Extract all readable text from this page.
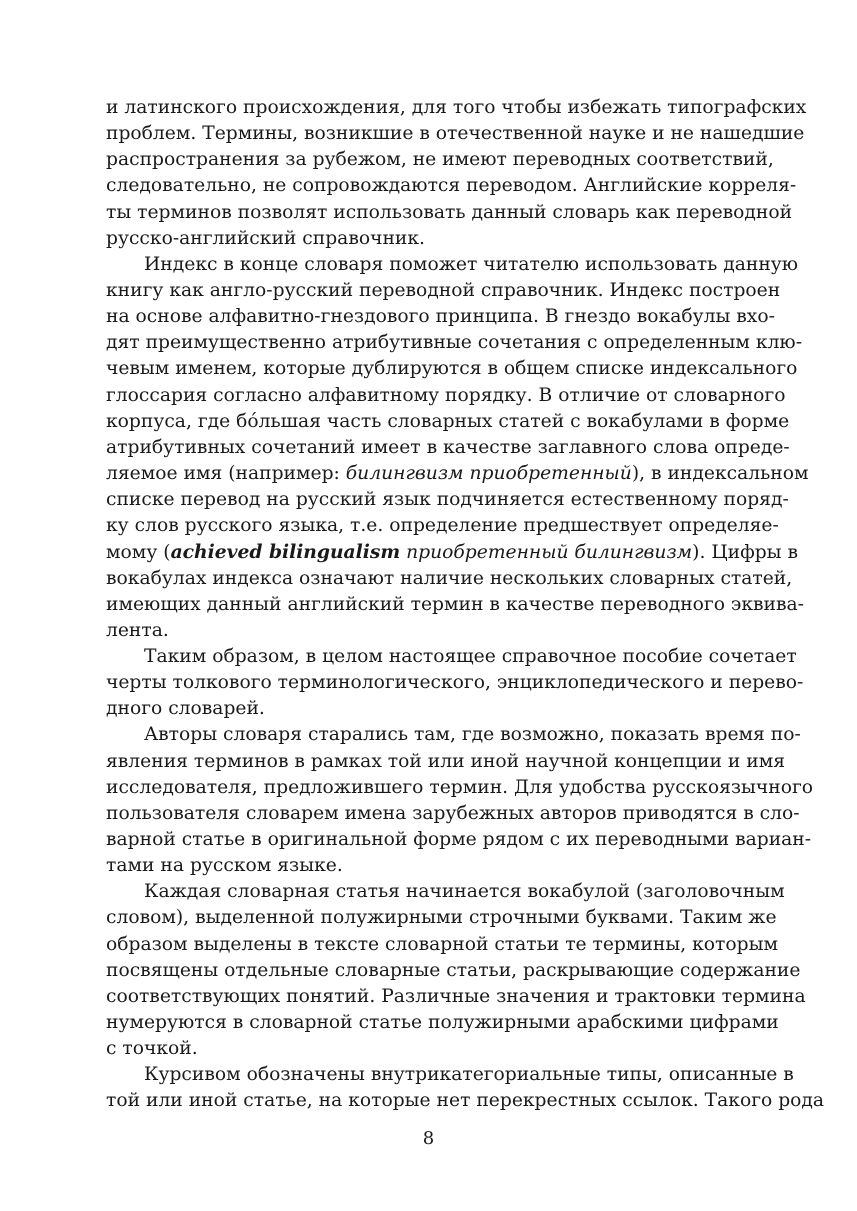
и латинского происхождения, для того чтобы избежать типографских
проблем. Термины, возникшие в отечественной науке и не нашедшие
распространения за рубежом, не имеют переводных соответствий,
следовательно, не сопровождаются переводом. Английские корреля-
ты терминов позволят использовать данный словарь как переводной
русско-английский справочник.
Индекс в конце словаря поможет читателю использовать данную
книгу как англо-русский переводной справочник. Индекс построен
на основе алфавитно-гнездового принципа. В гнездо вокабулы вхо-
дят преимущественно атрибутивные сочетания с определенным клю-
чевым именем, которые дублируются в общем списке индексального
глоссария согласно алфавитному порядку. В отличие от словарного
корпуса, где бóльшая часть словарных статей с вокабулами в форме
атрибутивных сочетаний имеет в качестве заглавного слова опреде-
ляемое имя (например: билингвизм приобретенный), в индексальном
списке перевод на русский язык подчиняется естественному поряд-
ку слов русского языка, т.е. определение предшествует определяе-
мому (achieved bilingualism приобретенный билингвизм). Цифры в
вокабулах индекса означают наличие нескольких словарных статей,
имеющих данный английский термин в качестве переводного эквива-
лента.
Таким образом, в целом настоящее справочное пособие сочетает
черты толкового терминологического, энциклопедического и перево-
дного словарей.
Авторы словаря старались там, где возможно, показать время по-
явления терминов в рамках той или иной научной концепции и имя
исследователя, предложившего термин. Для удобства русскоязычного
пользователя словарем имена зарубежных авторов приводятся в сло-
варной статье в оригинальной форме рядом с их переводными вариан-
тами на русском языке.
Каждая словарная статья начинается вокабулой (заголовочным
словом), выделенной полужирными строчными буквами. Таким же
образом выделены в тексте словарной статьи те термины, которым
посвящены отдельные словарные статьи, раскрывающие содержание
соответствующих понятий. Различные значения и трактовки термина
нумеруются в словарной статье полужирными арабскими цифрами
с точкой.
Курсивом обозначены внутрикатегориальные типы, описанные в
той или иной статье, на которые нет перекрестных ссылок. Такого рода
8
